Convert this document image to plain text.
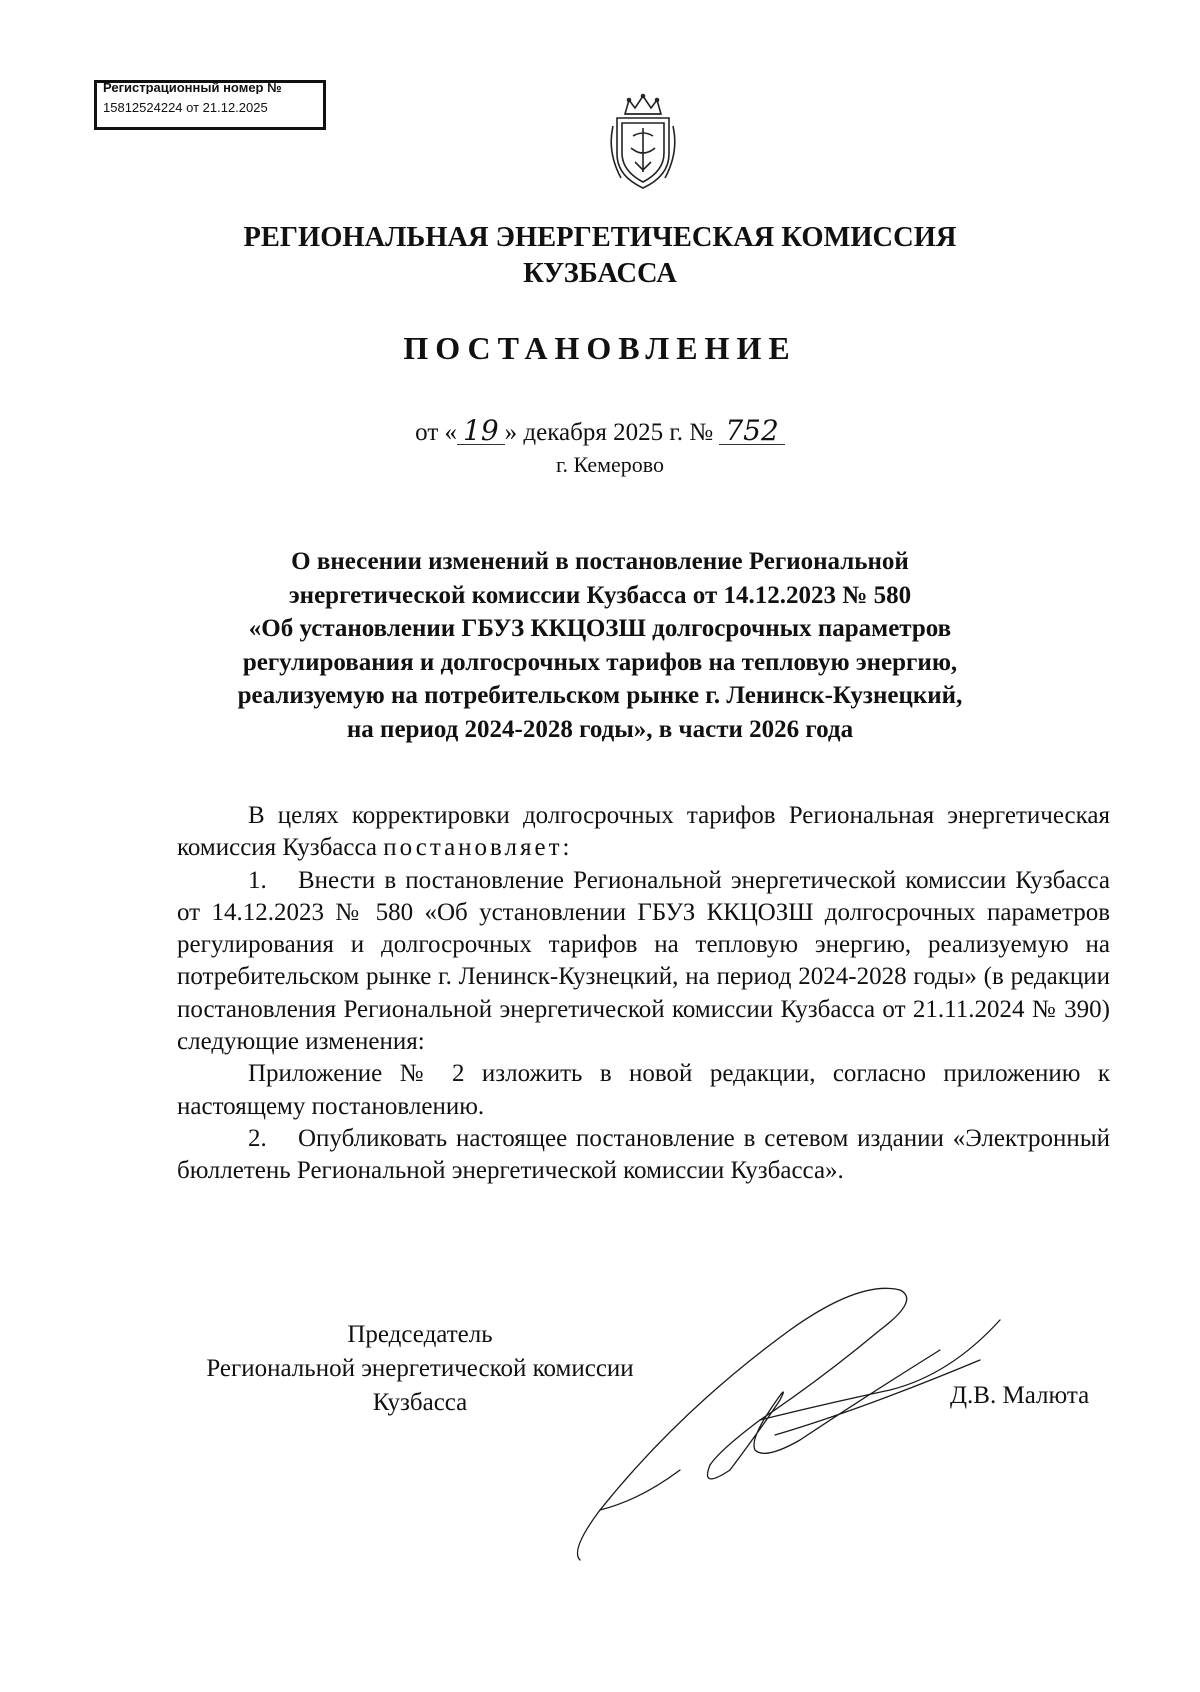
Регистрационный номер №
15812524224 от 21.12.2025
РЕГИОНАЛЬНАЯ ЭНЕРГЕТИЧЕСКАЯ КОМИССИЯ
КУЗБАССА
ПОСТАНОВЛЕНИЕ
от « 19 » декабря 2025 г. № 752
г. Кемерово
О внесении изменений в постановление Региональной
энергетической комиссии Кузбасса от 14.12.2023 № 580
«Об установлении ГБУЗ ККЦОЗШ долгосрочных параметров
регулирования и долгосрочных тарифов на тепловую энергию,
реализуемую на потребительском рынке г. Ленинск-Кузнецкий,
на период 2024-2028 годы», в части 2026 года

В целях корректировки долгосрочных тарифов Региональная энергетическая комиссия Кузбасса постановляет:

1. Внести в постановление Региональной энергетической комиссии Кузбасса от 14.12.2023 № 580 «Об установлении ГБУЗ ККЦОЗШ долгосрочных параметров регулирования и долгосрочных тарифов на тепловую энергию, реализуемую на потребительском рынке г. Ленинск-Кузнецкий, на период 2024-2028 годы» (в редакции постановления Региональной энергетической комиссии Кузбасса от 21.11.2024 № 390) следующие изменения:

Приложение № 2 изложить в новой редакции, согласно приложению к настоящему постановлению.

2. Опубликовать настоящее постановление в сетевом издании «Электронный бюллетень Региональной энергетической комиссии Кузбасса».

Председатель
Региональной энергетической комиссии
Кузбасса	Д.В. Малюта
